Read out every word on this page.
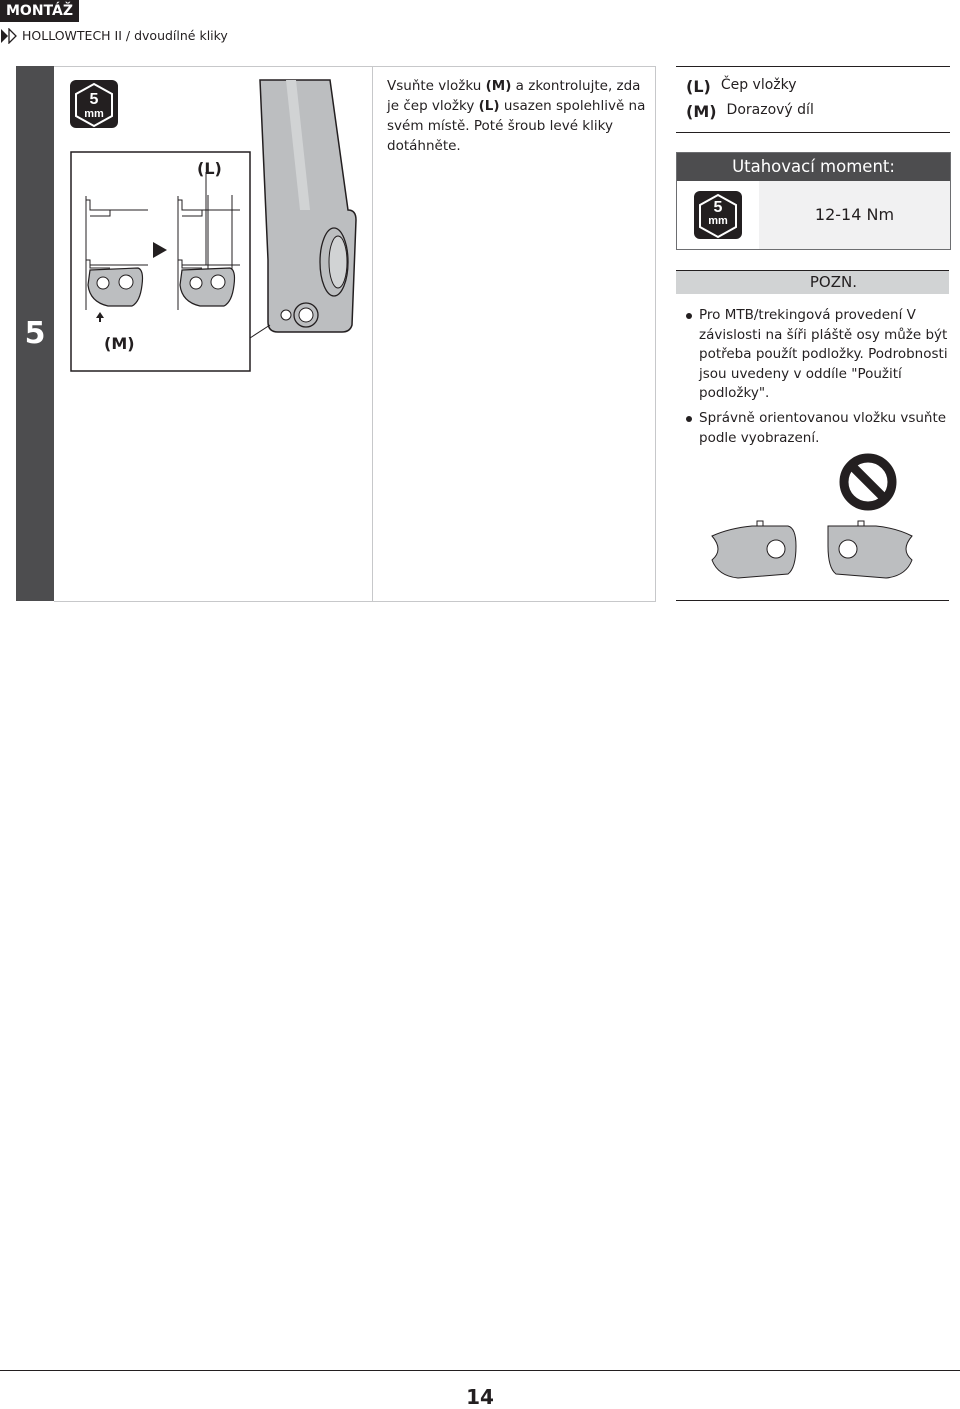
MONTÁŽ
HOLLOWTECH II / dvoudílné kliky
5
5
mm
(L)
(M)
Vsuňte vložku (M) a zkontrolujte, zda je čep vložky (L) usazen spolehlivě na svém místě. Poté šroub levé kliky dotáhněte.
(L) Čep vložky
(M) Dorazový díl
Utahovací moment:
5
mm	12-14 Nm
POZN.
Pro MTB/trekingová provedení V závislosti na šíři pláště osy může být potřeba použít podložky. Podrobnosti jsou uvedeny v oddíle "Použití podložky".
Správně orientovanou vložku vsuňte podle vyobrazení.
14
